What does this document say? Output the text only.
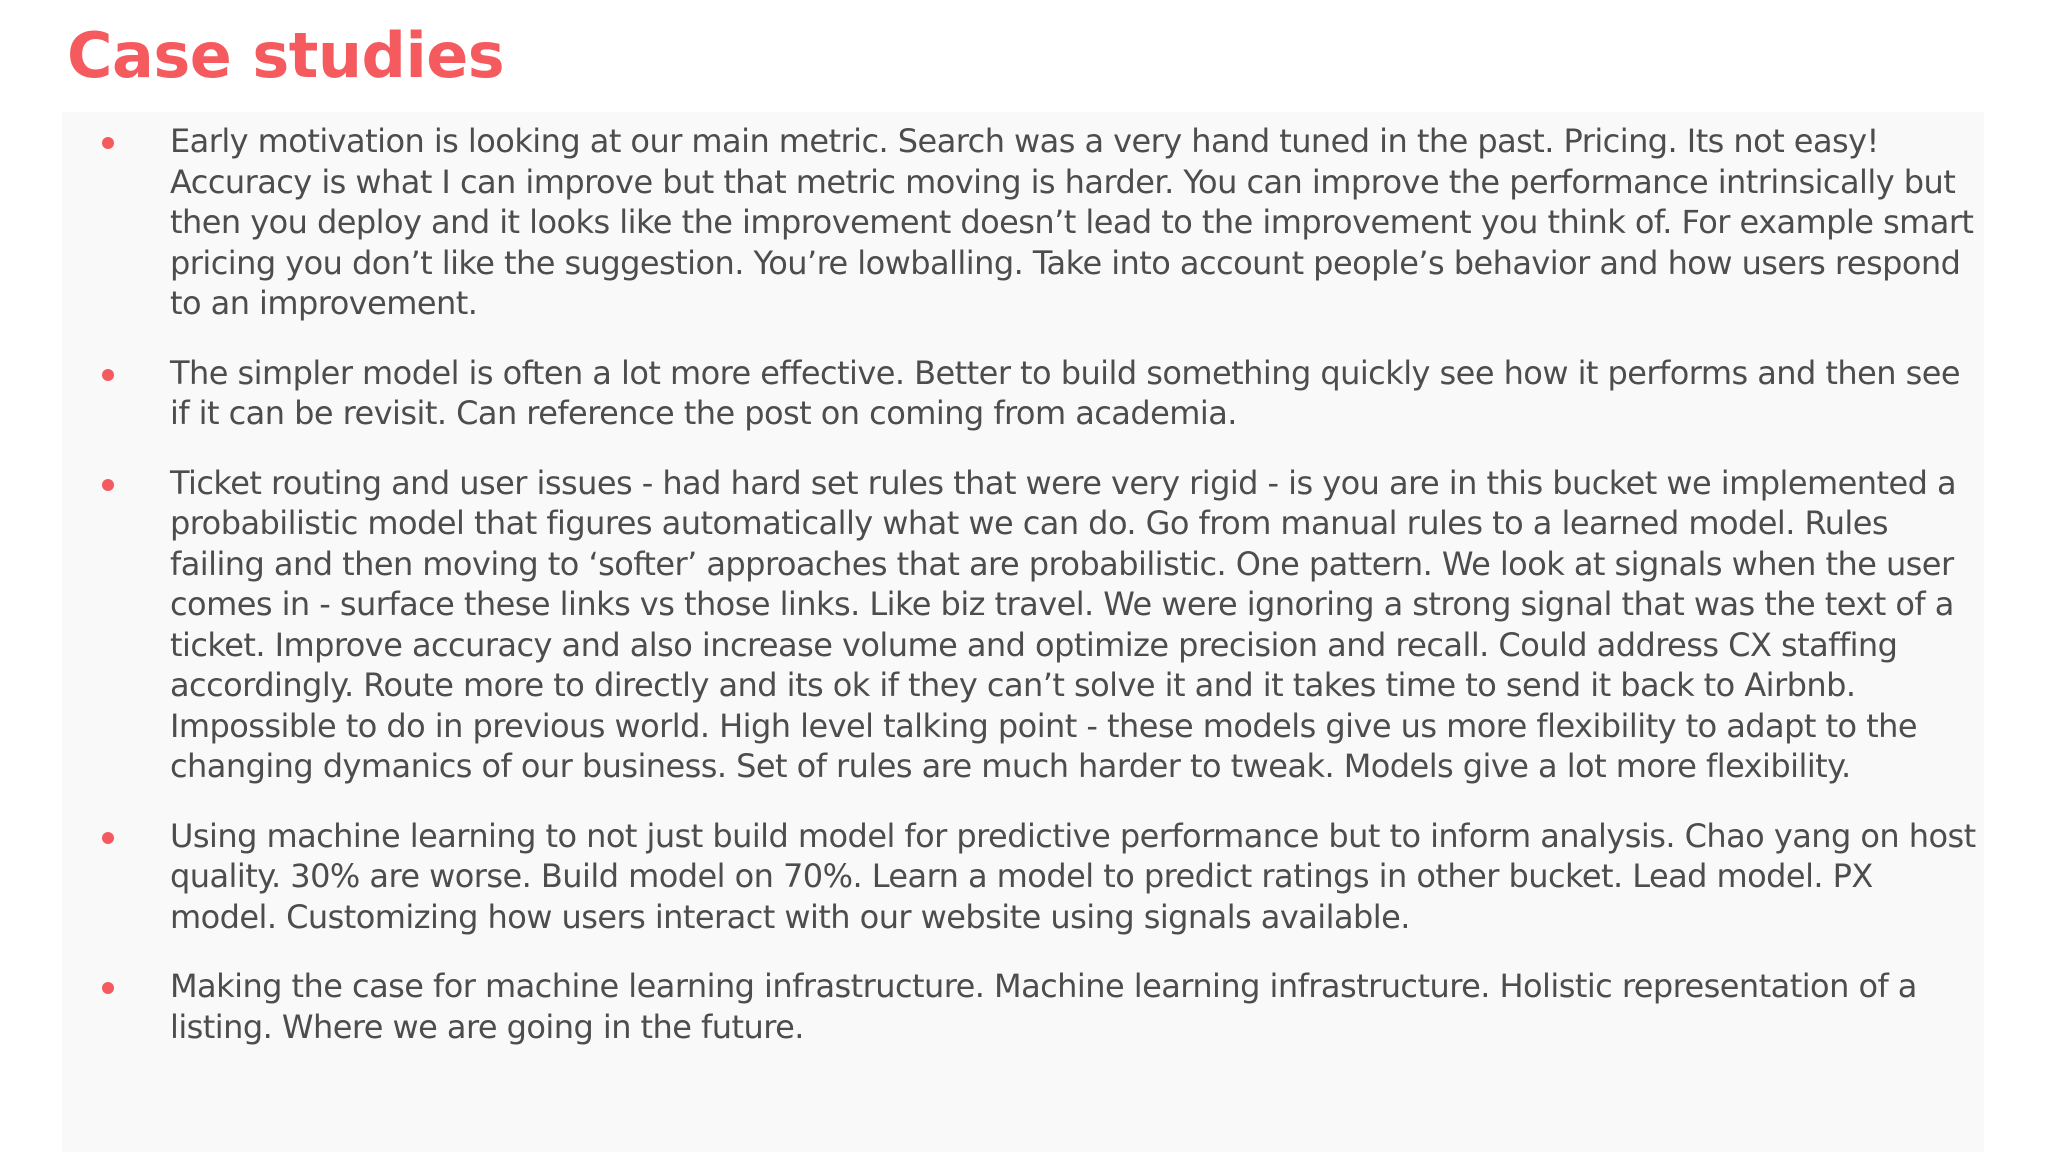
Case studies
Early motivation is looking at our main metric. Search was a very hand tuned in the past. Pricing. Its not easy! Accuracy is what I can improve but that metric moving is harder. You can improve the performance intrinsically but then you deploy and it looks like the improvement doesn’t lead to the improvement you think of. For example smart pricing you don’t like the suggestion. You’re lowballing. Take into account people’s behavior and how users respond to an improvement.
The simpler model is often a lot more effective. Better to build something quickly see how it performs and then see if it can be revisit. Can reference the post on coming from academia.
Ticket routing and user issues - had hard set rules that were very rigid - is you are in this bucket we implemented a probabilistic model that figures automatically what we can do. Go from manual rules to a learned model. Rules failing and then moving to ‘softer’ approaches that are probabilistic. One pattern. We look at signals when the user comes in - surface these links vs those links. Like biz travel. We were ignoring a strong signal that was the text of a ticket. Improve accuracy and also increase volume and optimize precision and recall. Could address CX staffing accordingly. Route more to directly and its ok if they can’t solve it and it takes time to send it back to Airbnb. Impossible to do in previous world. High level talking point - these models give us more flexibility to adapt to the changing dymanics of our business. Set of rules are much harder to tweak. Models give a lot more flexibility.
Using machine learning to not just build model for predictive performance but to inform analysis. Chao yang on host quality. 30% are worse. Build model on 70%. Learn a model to predict ratings in other bucket. Lead model. PX model. Customizing how users interact with our website using signals available.
Making the case for machine learning infrastructure. Machine learning infrastructure. Holistic representation of a listing. Where we are going in the future.
